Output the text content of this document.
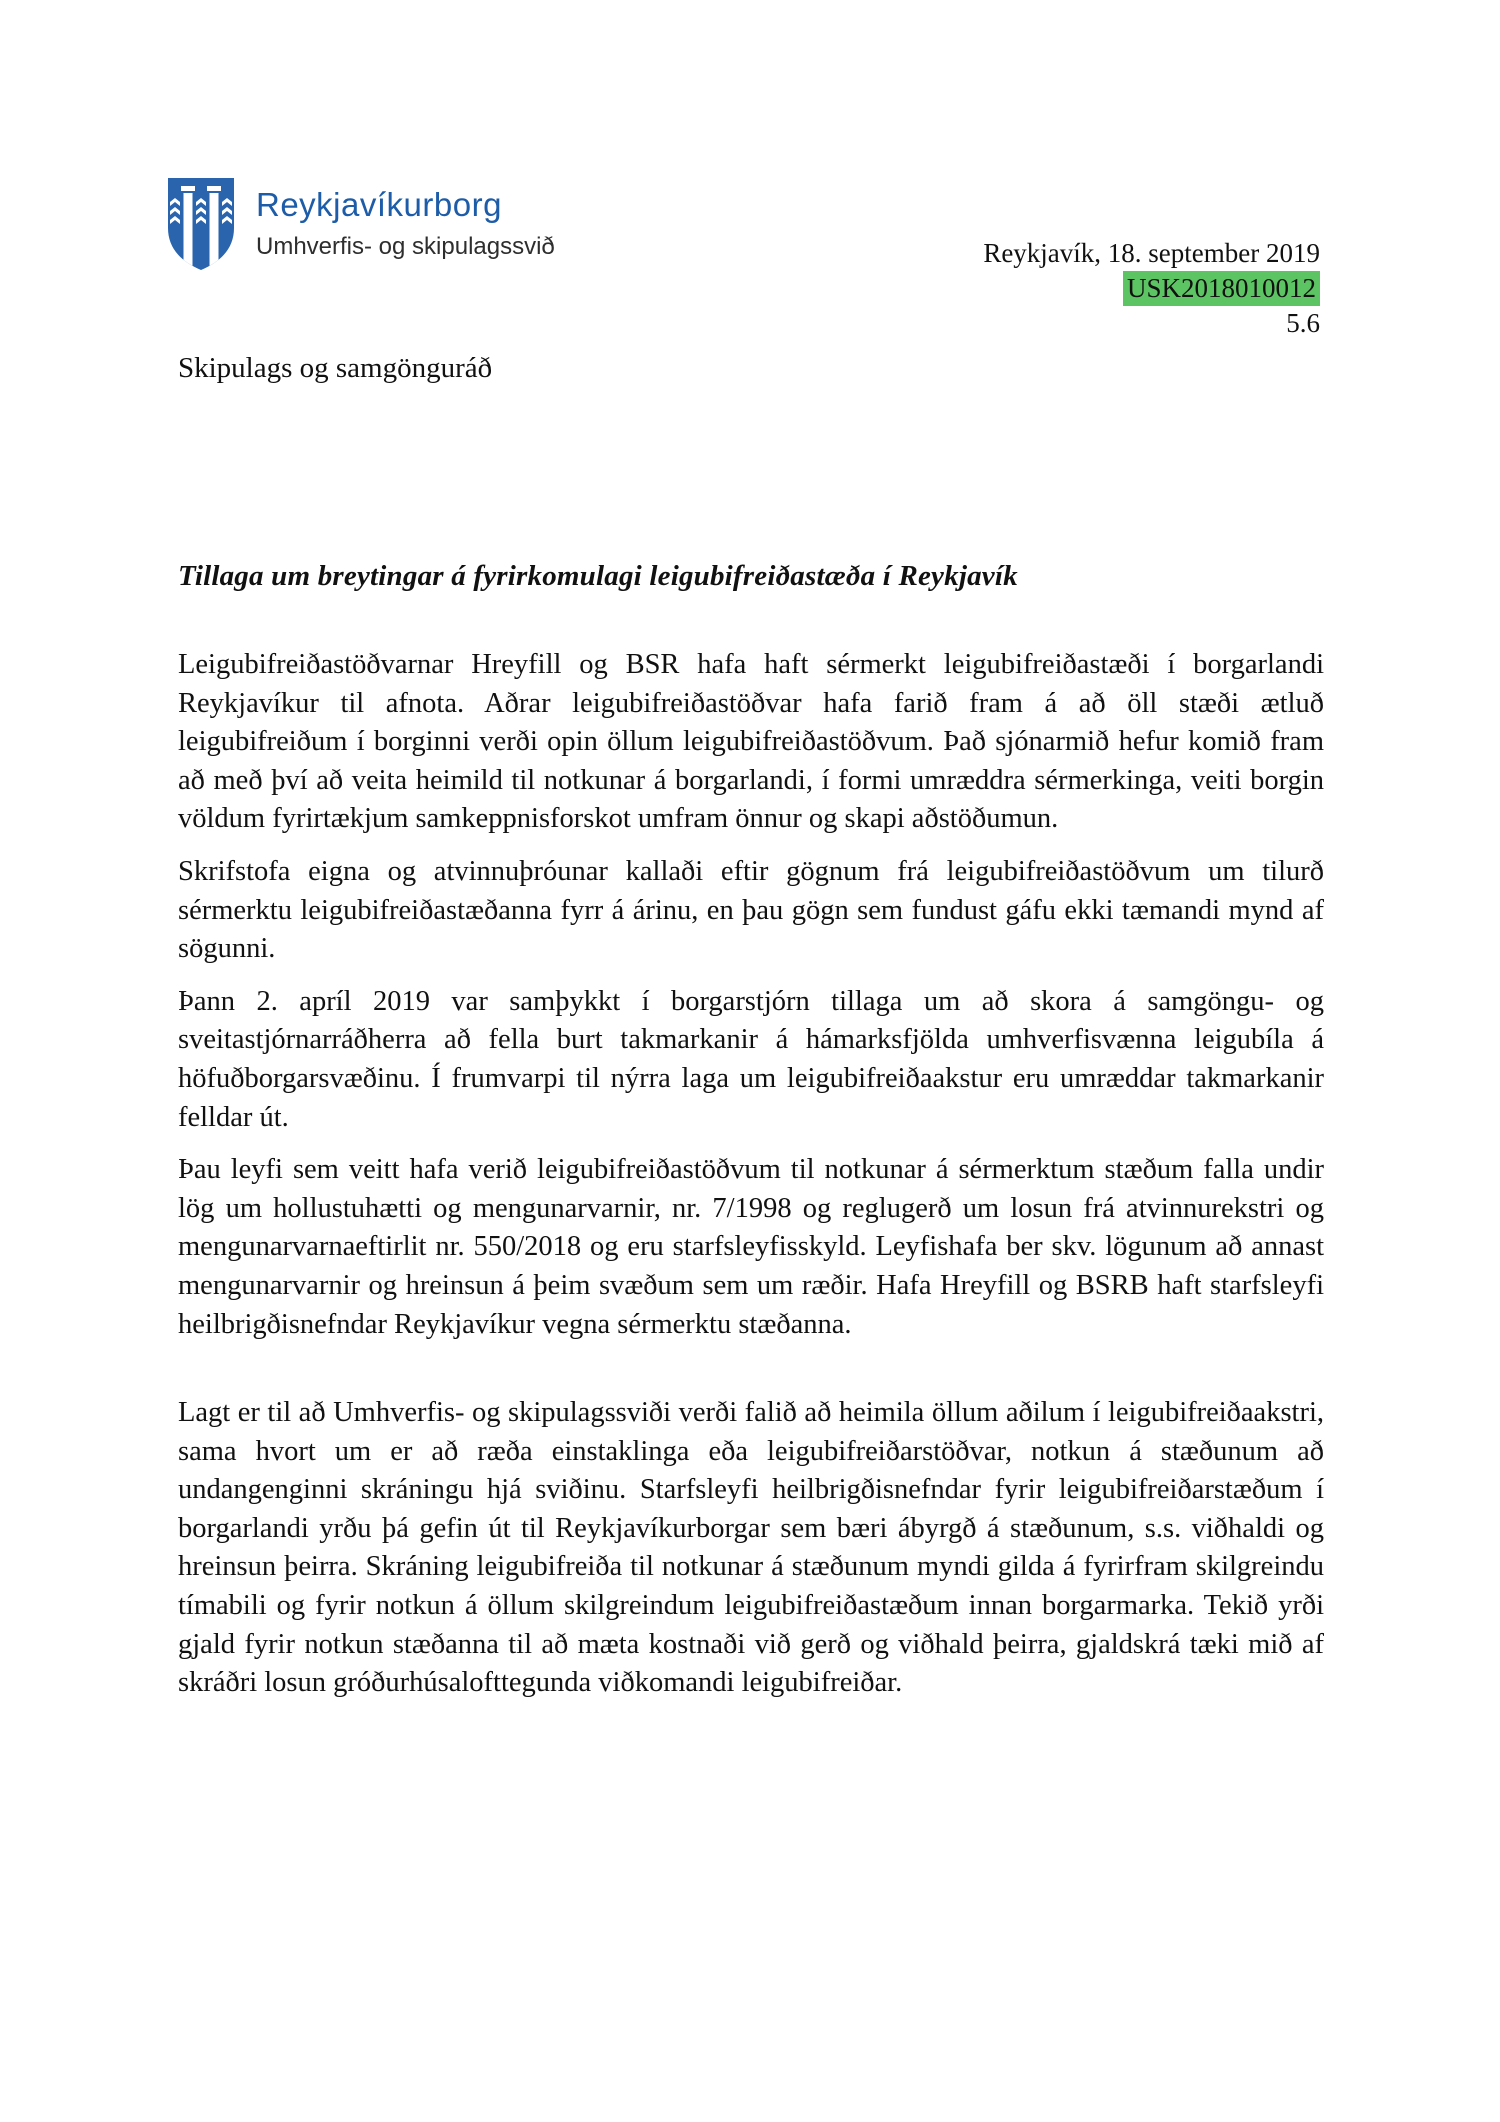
Reykjavíkurborg
Umhverfis- og skipulagssvið	Reykjavík, 18. september 2019
USK2018010012
5.6
Skipulags og samgönguráð
Tillaga um breytingar á fyrirkomulagi leigubifreiðastæða í Reykjavík

Leigubifreiðastöðvarnar Hreyfill og BSR hafa haft sérmerkt leigubifreiðastæði í borgarlandi Reykjavíkur til afnota. Aðrar leigubifreiðastöðvar hafa farið fram á að öll stæði ætluð leigubifreiðum í borginni verði opin öllum leigubifreiðastöðvum. Það sjónarmið hefur komið fram að með því að veita heimild til notkunar á borgarlandi, í formi umræddra sérmerkinga, veiti borgin völdum fyrirtækjum samkeppnisforskot umfram önnur og skapi aðstöðumun.

Skrifstofa eigna og atvinnuþróunar kallaði eftir gögnum frá leigubifreiðastöðvum um tilurð sérmerktu leigubifreiðastæðanna fyrr á árinu, en þau gögn sem fundust gáfu ekki tæmandi mynd af sögunni.

Þann 2. apríl 2019 var samþykkt í borgarstjórn tillaga um að skora á samgöngu- og sveitastjórnarráðherra að fella burt takmarkanir á hámarksfjölda umhverfisvænna leigubíla á höfuðborgarsvæðinu. Í frumvarpi til nýrra laga um leigubifreiðaakstur eru umræddar takmarkanir felldar út.

Þau leyfi sem veitt hafa verið leigubifreiðastöðvum til notkunar á sérmerktum stæðum falla undir lög um hollustuhætti og mengunarvarnir, nr. 7/1998 og reglugerð um losun frá atvinnurekstri og mengunarvarnaeftirlit nr. 550/2018 og eru starfsleyfisskyld. Leyfishafa ber skv. lögunum að annast mengunarvarnir og hreinsun á þeim svæðum sem um ræðir. Hafa Hreyfill og BSRB haft starfsleyfi heilbrigðisnefndar Reykjavíkur vegna sérmerktu stæðanna.

Lagt er til að Umhverfis- og skipulagssviði verði falið að heimila öllum aðilum í leigubifreiðaakstri, sama hvort um er að ræða einstaklinga eða leigubifreiðarstöðvar, notkun á stæðunum að undangenginni skráningu hjá sviðinu. Starfsleyfi heilbrigðisnefndar fyrir leigubifreiðarstæðum í borgarlandi yrðu þá gefin út til Reykjavíkurborgar sem bæri ábyrgð á stæðunum, s.s. viðhaldi og hreinsun þeirra. Skráning leigubifreiða til notkunar á stæðunum myndi gilda á fyrirfram skilgreindu tímabili og fyrir notkun á öllum skilgreindum leigubifreiðastæðum innan borgarmarka. Tekið yrði gjald fyrir notkun stæðanna til að mæta kostnaði við gerð og viðhald þeirra, gjaldskrá tæki mið af skráðri losun gróðurhúsalofttegunda viðkomandi leigubifreiðar.
